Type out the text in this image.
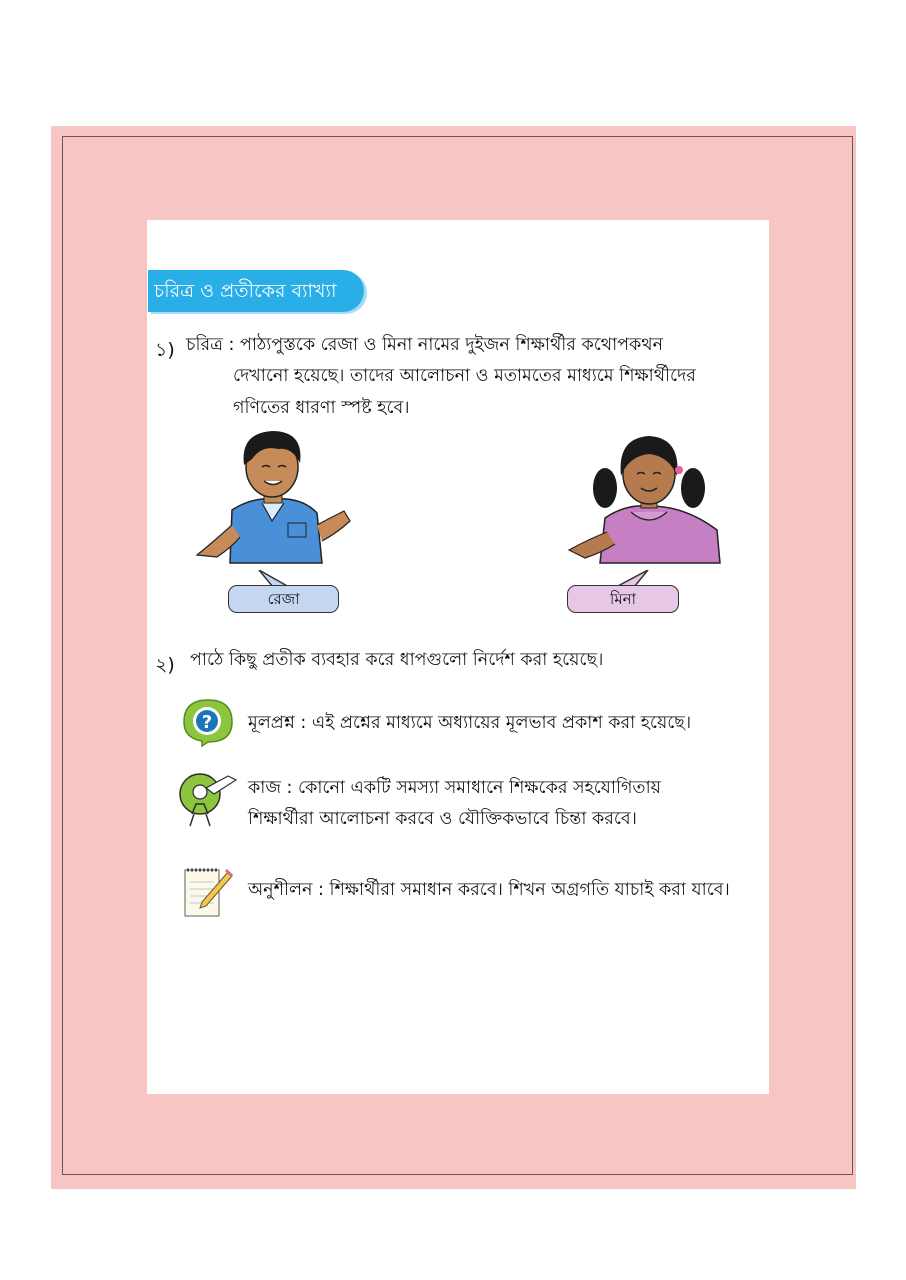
চরিত্র ও প্রতীকের ব্যাখ্যা
১) চরিত্র : পাঠ্যপুস্তকে রেজা ও মিনা নামের দুইজন শিক্ষার্থীর কথোপকথন
দেখানো হয়েছে। তাদের আলোচনা ও মতামতের মাধ্যমে শিক্ষার্থীদের
গণিতের ধারণা স্পষ্ট হবে।
রেজা	মিনা
২) পাঠে কিছু প্রতীক ব্যবহার করে ধাপগুলো নির্দেশ করা হয়েছে।
? মূলপ্রশ্ন : এই প্রশ্নের মাধ্যমে অধ্যায়ের মূলভাব প্রকাশ করা হয়েছে।
কাজ : কোনো একটি সমস্যা সমাধানে শিক্ষকের সহযোগিতায়
শিক্ষার্থীরা আলোচনা করবে ও যৌক্তিকভাবে চিন্তা করবে।
অনুশীলন : শিক্ষার্থীরা সমাধান করবে। শিখন অগ্রগতি যাচাই করা যাবে।
